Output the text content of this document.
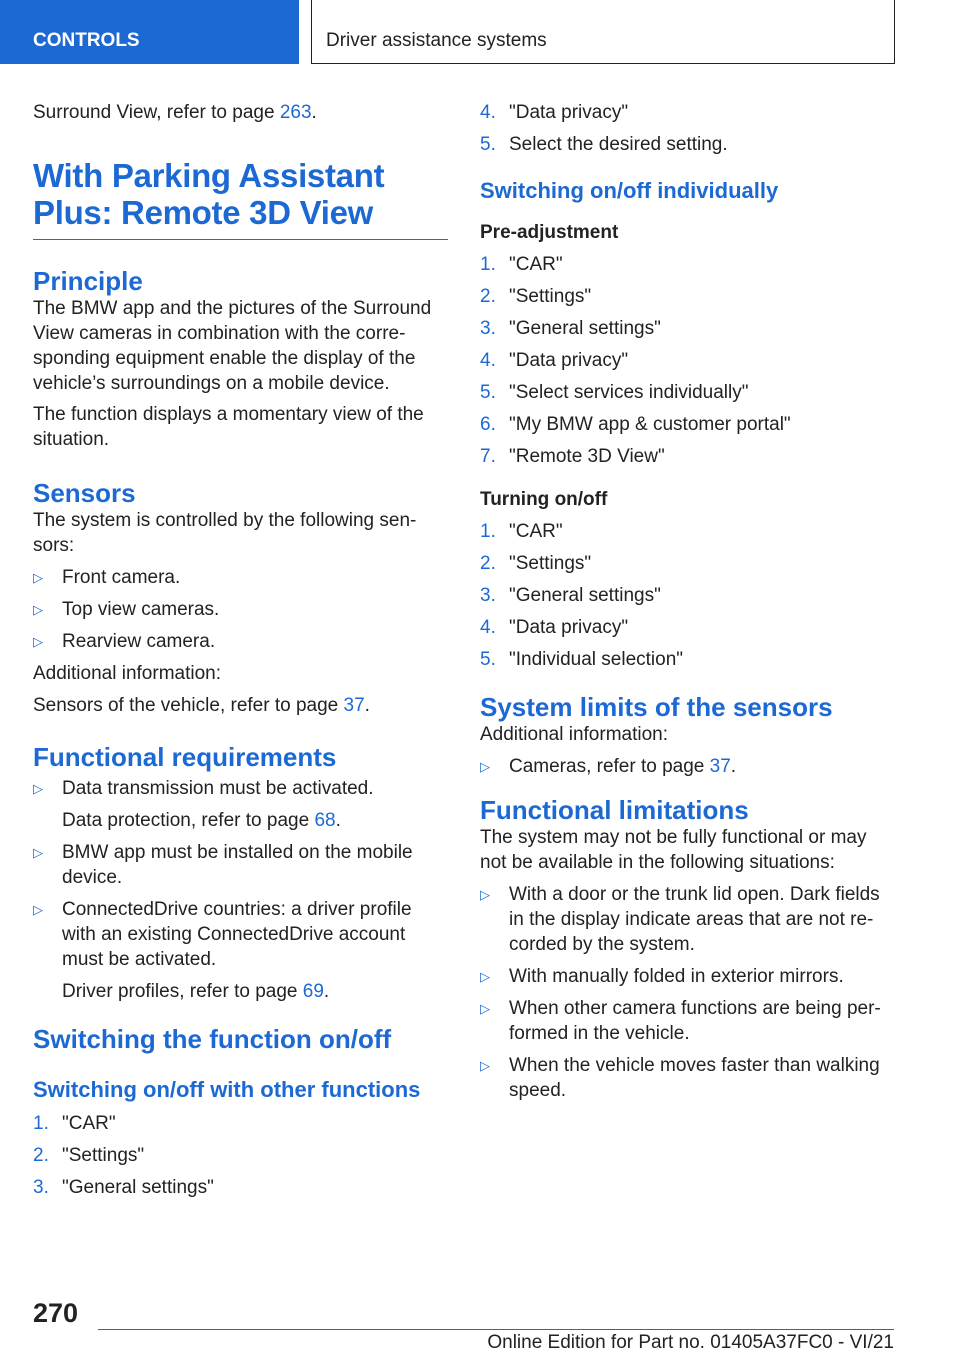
CONTROLS	Driver assistance systems

Surround View, refer to page 263.

With Parking Assistant Plus: Remote 3D View
Principle

The BMW app and the pictures of the Surround View cameras in combination with the corre-sponding equipment enable the display of the vehicle’s surroundings on a mobile device.

The function displays a momentary view of the situation.

Sensors

The system is controlled by the following sen-sors:

▷	Front camera.
▷	Top view cameras.
▷	Rearview camera.

Additional information:

Sensors of the vehicle, refer to page 37.

Functional requirements
▷	Data transmission must be activated.

Data protection, refer to page 68.

▷	BMW app must be installed on the mobile device.
▷	ConnectedDrive countries: a driver profile with an existing ConnectedDrive account must be activated.

Driver profiles, refer to page 69.

Switching the function on/off
Switching on/off with other functions
1. "CAR"
2. "Settings"
3. "General settings"
4. "Data privacy"
5. Select the desired setting.
Switching on/off individually

Pre-adjustment

1. "CAR"
2. "Settings"
3. "General settings"
4. "Data privacy"
5. "Select services individually"
6. "My BMW app & customer portal"
7. "Remote 3D View"

Turning on/off

1. "CAR"
2. "Settings"
3. "General settings"
4. "Data privacy"
5. "Individual selection"
System limits of the sensors

Additional information:

▷	Cameras, refer to page 37.
Functional limitations

The system may not be fully functional or may not be available in the following situations:

▷	With a door or the trunk lid open. Dark fields in the display indicate areas that are not re-corded by the system.
▷	With manually folded in exterior mirrors.
▷	When other camera functions are being per-formed in the vehicle.
▷	When the vehicle moves faster than walking speed.
270
Online Edition for Part no. 01405A37FC0 - VI/21
